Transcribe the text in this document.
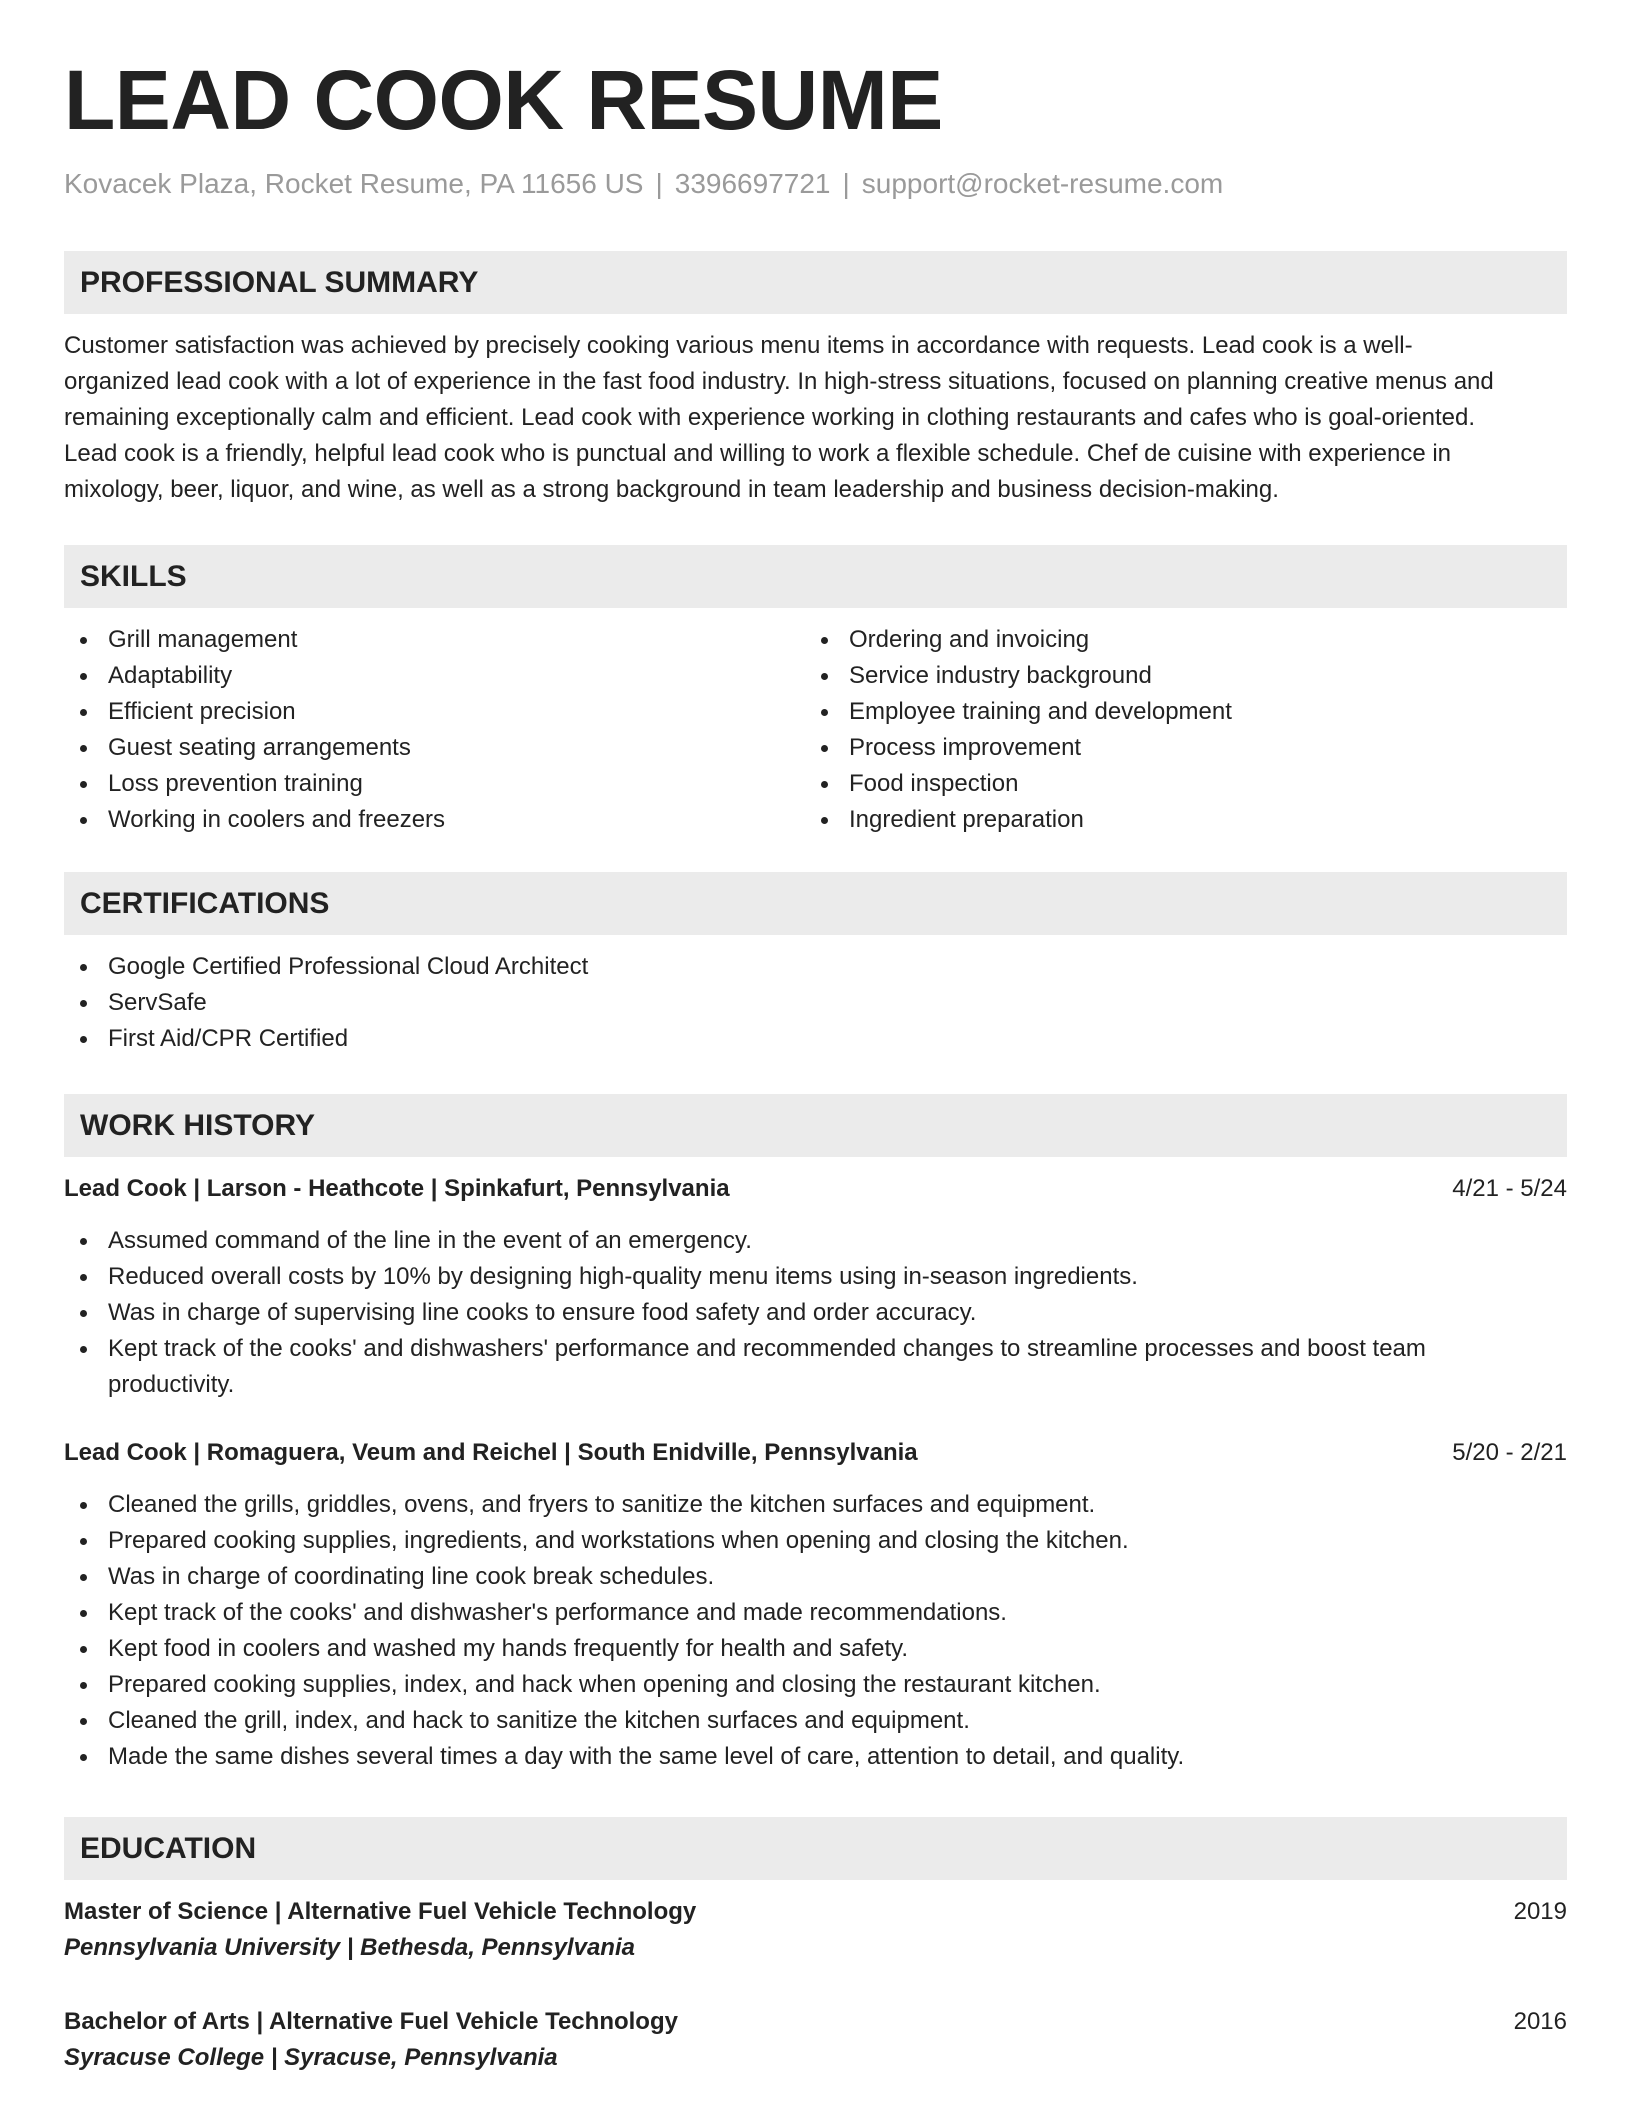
LEAD COOK RESUME
Kovacek Plaza, Rocket Resume, PA 11656 US | 3396697721 | support@rocket-resume.com
PROFESSIONAL SUMMARY
Customer satisfaction was achieved by precisely cooking various menu items in accordance with requests. Lead cook is a well-
organized lead cook with a lot of experience in the fast food industry. In high-stress situations, focused on planning creative menus and
remaining exceptionally calm and efficient. Lead cook with experience working in clothing restaurants and cafes who is goal-oriented.
Lead cook is a friendly, helpful lead cook who is punctual and willing to work a flexible schedule. Chef de cuisine with experience in
mixology, beer, liquor, and wine, as well as a strong background in team leadership and business decision-making.
SKILLS
Grill management
Adaptability
Efficient precision
Guest seating arrangements
Loss prevention training
Working in coolers and freezers
Ordering and invoicing
Service industry background
Employee training and development
Process improvement
Food inspection
Ingredient preparation
CERTIFICATIONS
Google Certified Professional Cloud Architect
ServSafe
First Aid/CPR Certified
WORK HISTORY
Lead Cook | Larson - Heathcote | Spinkafurt, Pennsylvania	4/21 - 5/24
Assumed command of the line in the event of an emergency.
Reduced overall costs by 10% by designing high-quality menu items using in-season ingredients.
Was in charge of supervising line cooks to ensure food safety and order accuracy.
Kept track of the cooks' and dishwashers' performance and recommended changes to streamline processes and boost team
productivity.
Lead Cook | Romaguera, Veum and Reichel | South Enidville, Pennsylvania	5/20 - 2/21
Cleaned the grills, griddles, ovens, and fryers to sanitize the kitchen surfaces and equipment.
Prepared cooking supplies, ingredients, and workstations when opening and closing the kitchen.
Was in charge of coordinating line cook break schedules.
Kept track of the cooks' and dishwasher's performance and made recommendations.
Kept food in coolers and washed my hands frequently for health and safety.
Prepared cooking supplies, index, and hack when opening and closing the restaurant kitchen.
Cleaned the grill, index, and hack to sanitize the kitchen surfaces and equipment.
Made the same dishes several times a day with the same level of care, attention to detail, and quality.
EDUCATION
Master of Science | Alternative Fuel Vehicle Technology	2019
Pennsylvania University | Bethesda, Pennsylvania
Bachelor of Arts | Alternative Fuel Vehicle Technology	2016
Syracuse College | Syracuse, Pennsylvania
